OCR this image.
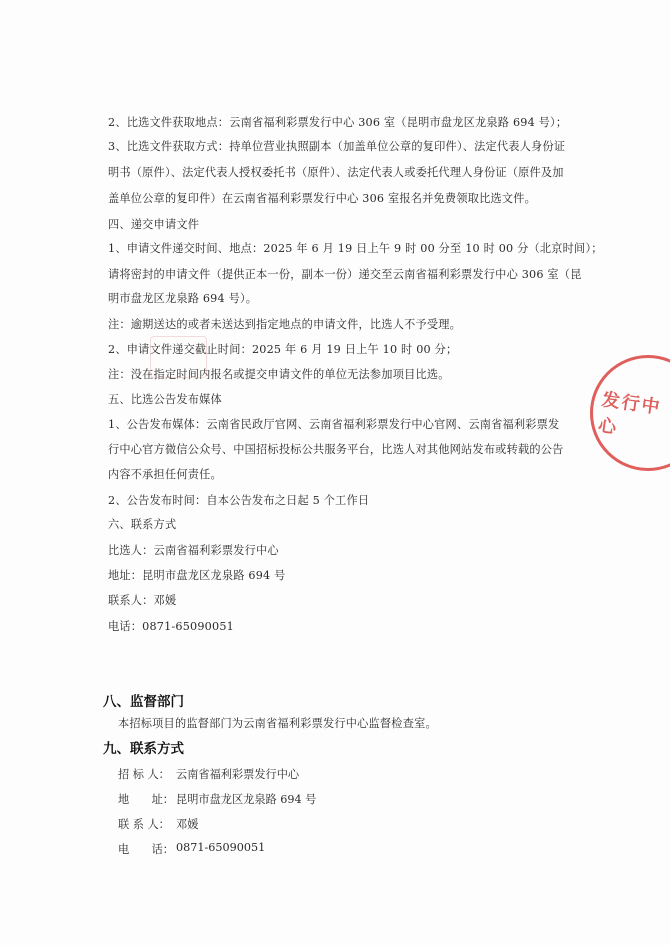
2、比选文件获取地点：云南省福利彩票发行中心 306 室（昆明市盘龙区龙泉路 694 号）；
3、比选文件获取方式：持单位营业执照副本（加盖单位公章的复印件）、法定代表人身份证
明书（原件）、法定代表人授权委托书（原件）、法定代表人或委托代理人身份证（原件及加
盖单位公章的复印件）在云南省福利彩票发行中心 306 室报名并免费领取比选文件。
四、递交申请文件
1、申请文件递交时间、地点：2025 年 6 月 19 日上午 9 时 00 分至 10 时 00 分（北京时间）；
请将密封的申请文件（提供正本一份，副本一份）递交至云南省福利彩票发行中心 306 室（昆
明市盘龙区龙泉路 694 号）。
注：逾期送达的或者未送达到指定地点的申请文件，比选人不予受理。
2、申请文件递交截止时间：2025 年 6 月 19 日上午 10 时 00 分；
注：没在指定时间内报名或提交申请文件的单位无法参加项目比选。
五、比选公告发布媒体
1、公告发布媒体：云南省民政厅官网、云南省福利彩票发行中心官网、云南省福利彩票发
行中心官方微信公众号、中国招标投标公共服务平台，比选人对其他网站发布或转载的公告
内容不承担任何责任。
2、公告发布时间：自本公告发布之日起 5 个工作日
六、联系方式
比选人：云南省福利彩票发行中心
地址：昆明市盘龙区龙泉路 694 号
联系人：邓媛
电话：0871-65090051
发行中心
八、监督部门
本招标项目的监督部门为云南省福利彩票发行中心监督检查室。
九、联系方式
招 标 人： 云南省福利彩票发行中心
地　　址： 昆明市盘龙区龙泉路 694 号
联 系 人： 邓媛
电　　话： 0871-65090051
